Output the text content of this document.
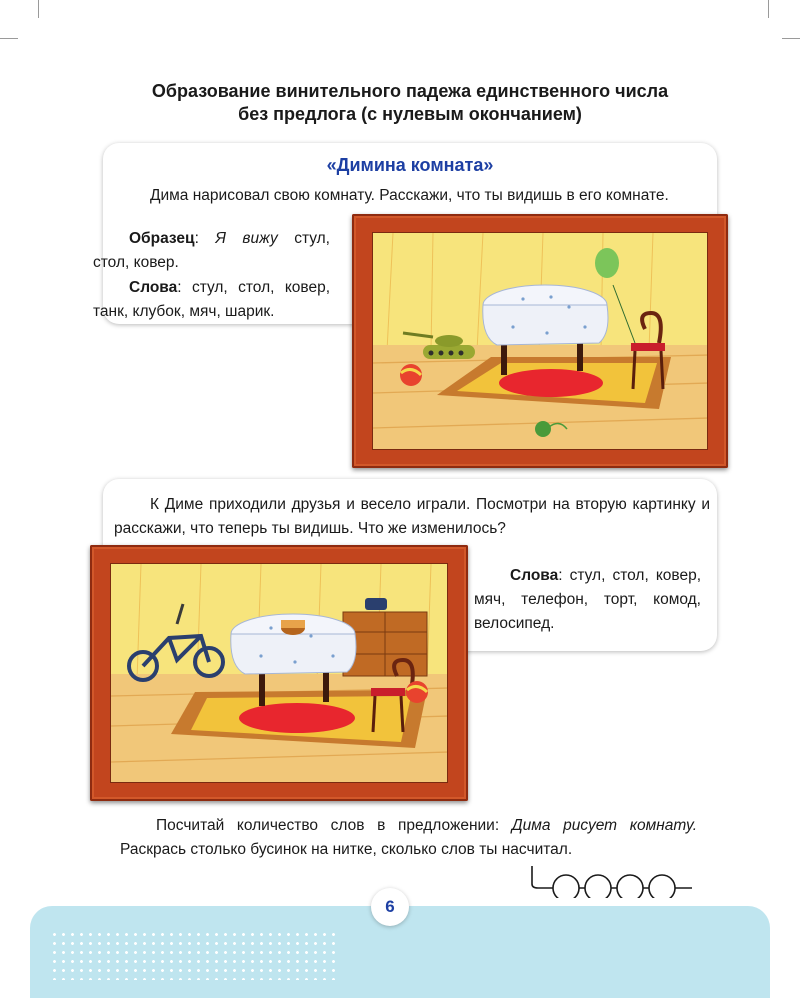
Образование винительного падежа единственного числа
без предлога (с нулевым окончанием)
«Димина комната»
Дима нарисовал свою комнату. Расскажи, что ты видишь в его комнате.
Образец: Я вижу стул, стол, ковер.
Слова: стул, стол, ковер, танк, клубок, мяч, шарик.
К Диме приходили друзья и весело играли. Посмотри на вторую картинку и расскажи, что теперь ты видишь. Что же изменилось?
Слова: стул, стол, ковер, мяч, телефон, торт, комод, велосипед.
Посчитай количество слов в предложении: Дима рисует комнату. Раскрась столько бусинок на нитке, сколько слов ты насчитал.
6
